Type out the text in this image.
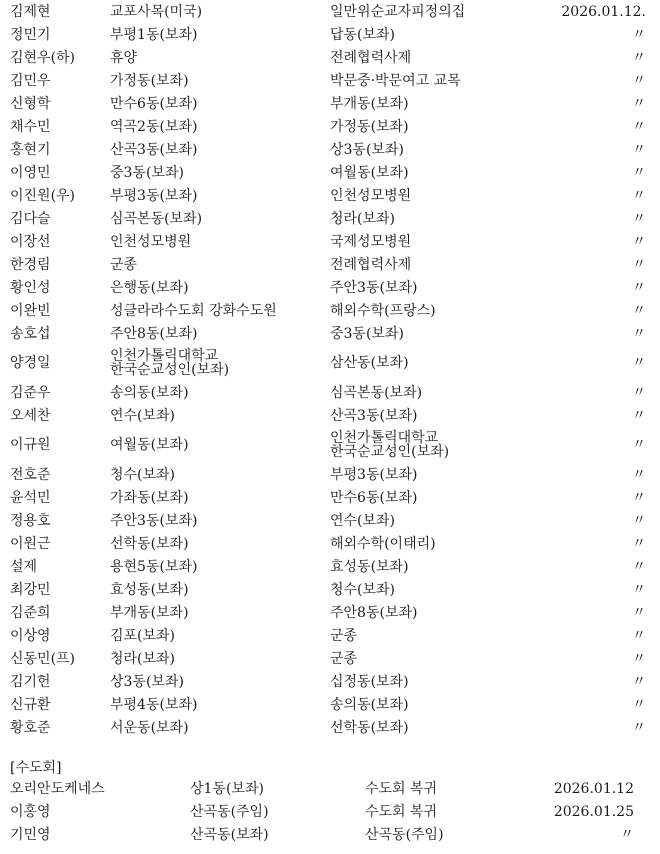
김제현	교포사목(미국)	일만위순교자피정의집	2026.01.12.
정민기	부평1동(보좌)	답동(보좌)	〃
김현우(하) 휴양	전례협력사제	〃
김민우	가정동(보좌)	박문중·박문여고 교목	〃
신형학	만수6동(보좌)	부개동(보좌)	〃
채수민	역곡2동(보좌)	가정동(보좌)	〃
홍현기	산곡3동(보좌)	상3동(보좌)	〃
이영민	중3동(보좌)	여월동(보좌)	〃
이진원(우) 부평3동(보좌)	인천성모병원	〃
김다슬	심곡본동(보좌)	청라(보좌)	〃
이장선	인천성모병원	국제성모병원	〃
한경림	군종	전례협력사제	〃
황인성	은행동(보좌)	주안3동(보좌)	〃
이완빈	성클라라수도회 강화수도원	해외수학(프랑스)	〃
송호섭	주안8동(보좌)	중3동(보좌)	〃
양경일	인천가톨릭대학교
한국순교성인(보좌)	삼산동(보좌)	〃
김준우	송의동(보좌)	심곡본동(보좌)	〃
오세찬	연수(보좌)	산곡3동(보좌)	〃
이규원	여월동(보좌)	인천가톨릭대학교
한국순교성인(보좌)	〃
전호준	청수(보좌)	부평3동(보좌)	〃
윤석민	가좌동(보좌)	만수6동(보좌)	〃
정용호	주안3동(보좌)	연수(보좌)	〃
이원근	선학동(보좌)	해외수학(이태리)	〃
설제	용현5동(보좌)	효성동(보좌)	〃
최강민	효성동(보좌)	청수(보좌)	〃
김준희	부개동(보좌)	주안8동(보좌)	〃
이상영	김포(보좌)	군종	〃
신동민(프) 청라(보좌)	군종	〃
김기헌	상3동(보좌)	십정동(보좌)	〃
신규환	부평4동(보좌)	송의동(보좌)	〃
황호준	서운동(보좌)	선학동(보좌)	〃
[수도회]
오리안도케네스	상1동(보좌)	수도회 복귀	2026.01.12
이홍영	산곡동(주임)	수도회 복귀	2026.01.25
기민영	산곡동(보좌)	산곡동(주임)	〃
